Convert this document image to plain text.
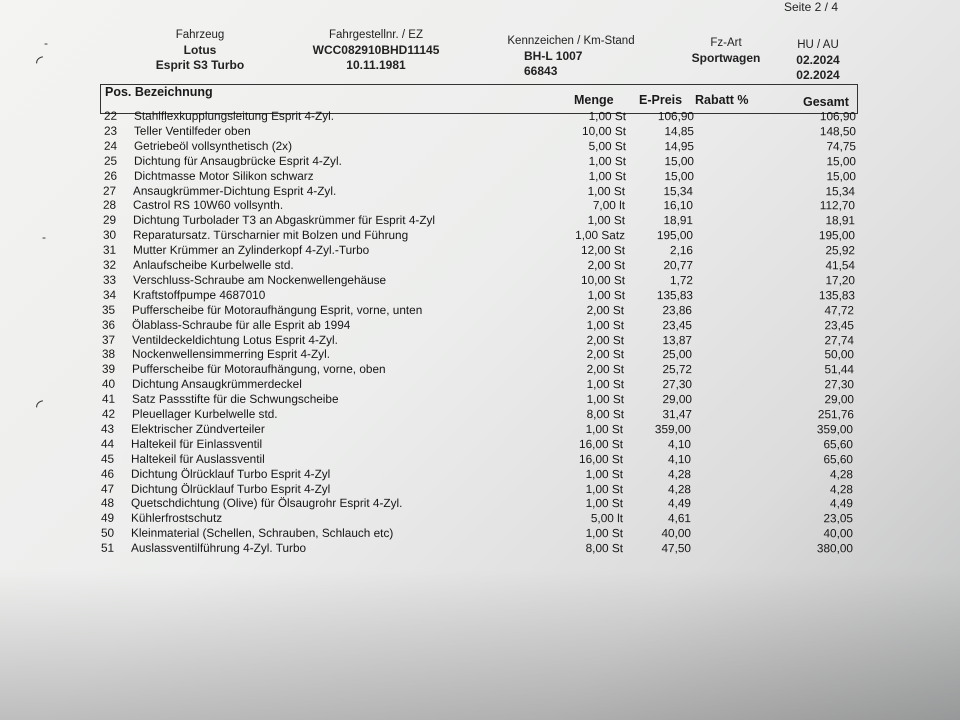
Seite 2 / 4
◜
◜
-
-
Fahrzeug
Lotus
Esprit S3 Turbo
Fahrgestellnr. / EZ
WCC082910BHD11145
10.11.1981
Kennzeichen / Km-Stand
BH-L 1007
66843
Fz-Art
Sportwagen
HU / AU
02.2024
02.2024
Pos. Bezeichnung
Menge E-Preis Rabatt %	Gesamt
22	Stahlflexkupplungsleitung Esprit 4-Zyl.	1,00 St	106,90	106,90
23	Teller Ventilfeder oben	10,00 St	14,85	148,50
24	Getriebeöl vollsynthetisch (2x)	5,00 St	14,95	74,75
25	Dichtung für Ansaugbrücke Esprit 4-Zyl.	1,00 St	15,00	15,00
26	Dichtmasse Motor Silikon schwarz	1,00 St	15,00	15,00
27	Ansaugkrümmer-Dichtung Esprit 4-Zyl.	1,00 St	15,34	15,34
28	Castrol RS 10W60 vollsynth.	7,00 lt	16,10	112,70
29	Dichtung Turbolader T3 an Abgaskrümmer für Esprit 4-Zyl	1,00 St	18,91	18,91
30	Reparatursatz. Türscharnier mit Bolzen und Führung	1,00 Satz	195,00	195,00
31	Mutter Krümmer an Zylinderkopf 4-Zyl.-Turbo	12,00 St	2,16	25,92
32	Anlaufscheibe Kurbelwelle std.	2,00 St	20,77	41,54
33	Verschluss-Schraube am Nockenwellengehäuse	10,00 St	1,72	17,20
34	Kraftstoffpumpe 4687010	1,00 St	135,83	135,83
35	Pufferscheibe für Motoraufhängung Esprit, vorne, unten	2,00 St	23,86	47,72
36	Ölablass-Schraube für alle Esprit ab 1994	1,00 St	23,45	23,45
37	Ventildeckeldichtung Lotus Esprit 4-Zyl.	2,00 St	13,87	27,74
38	Nockenwellensimmerring Esprit 4-Zyl.	2,00 St	25,00	50,00
39	Pufferscheibe für Motoraufhängung, vorne, oben	2,00 St	25,72	51,44
40	Dichtung Ansaugkrümmerdeckel	1,00 St	27,30	27,30
41	Satz Passstifte für die Schwungscheibe	1,00 St	29,00	29,00
42	Pleuellager Kurbelwelle std.	8,00 St	31,47	251,76
43	Elektrischer Zündverteiler	1,00 St	359,00	359,00
44	Haltekeil für Einlassventil	16,00 St	4,10	65,60
45	Haltekeil für Auslassventil	16,00 St	4,10	65,60
46	Dichtung Ölrücklauf Turbo Esprit 4-Zyl	1,00 St	4,28	4,28
47	Dichtung Ölrücklauf Turbo Esprit 4-Zyl	1,00 St	4,28	4,28
48	Quetschdichtung (Olive) für Ölsaugrohr Esprit 4-Zyl.	1,00 St	4,49	4,49
49	Kühlerfrostschutz	5,00 lt	4,61	23,05
50	Kleinmaterial (Schellen, Schrauben, Schlauch etc)	1,00 St	40,00	40,00
51	Auslassventilführung 4-Zyl. Turbo	8,00 St	47,50	380,00
